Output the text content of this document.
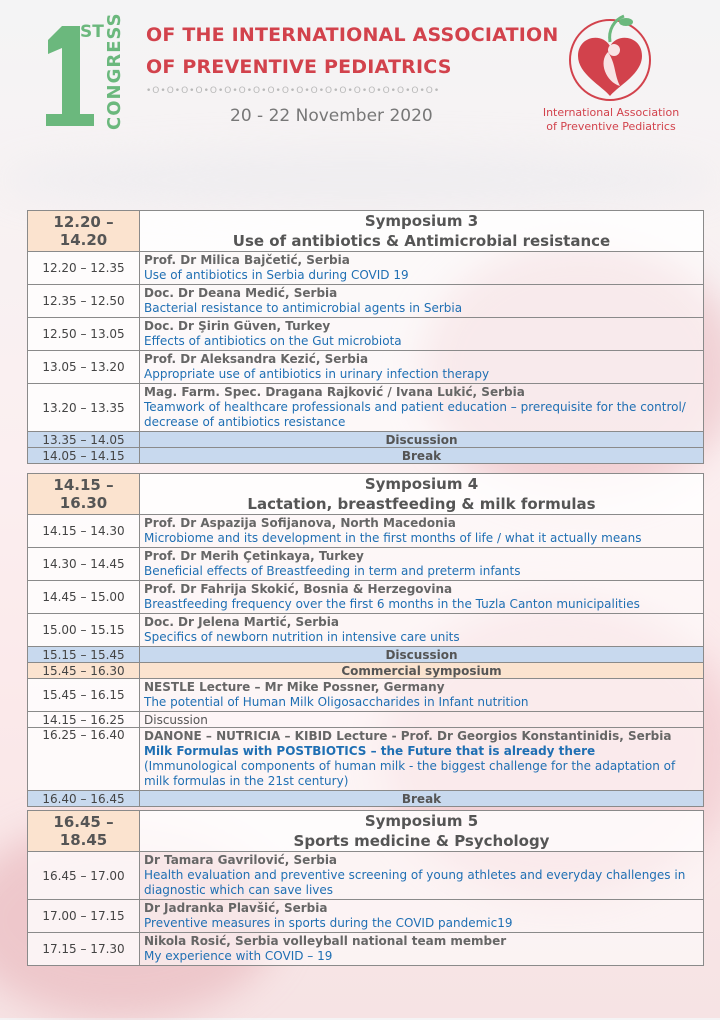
ST CONGRESS OF THE INTERNATIONAL ASSOCIATION
OF PREVENTIVE PEDIATRICS
•O•O•O•O•O•O•O•O•O•O•O•O•O•O•O•O•O•O•O•O•
20 - 22 November 2020	International Association of Preventive Pediatrics
12.20 – 14.20	Symposium 3
Use of antibiotics & Antimicrobial resistance

12.20 – 12.35	Prof. Dr Milica Bajčetić, Serbia
Use of antibiotics in Serbia during COVID 19

12.35 – 12.50	Doc. Dr Deana Medić, Serbia
Bacterial resistance to antimicrobial agents in Serbia

12.50 – 13.05	Doc. Dr Şirin Güven, Turkey
Effects of antibiotics on the Gut microbiota

13.05 – 13.20	Prof. Dr Aleksandra Kezić, Serbia
Appropriate use of antibiotics in urinary infection therapy

13.20 – 13.35	Mag. Farm. Spec. Dragana Rajković / Ivana Lukić, Serbia
Teamwork of healthcare professionals and patient education – prerequisite for the control/ decrease of antibiotics resistance

13.35 – 14.05	Discussion
14.05 – 14.15	Break
14.15 – 16.30	Symposium 4
Lactation, breastfeeding & milk formulas

14.15 – 14.30	Prof. Dr Aspazija Sofijanova, North Macedonia
Microbiome and its development in the first months of life / what it actually means

14.30 – 14.45	Prof. Dr Merih Çetinkaya, Turkey
Beneficial effects of Breastfeeding in term and preterm infants

14.45 – 15.00	Prof. Dr Fahrija Skokić, Bosnia & Herzegovina
Breastfeeding frequency over the first 6 months in the Tuzla Canton municipalities

15.00 – 15.15	Doc. Dr Jelena Martić, Serbia
Specifics of newborn nutrition in intensive care units

15.15 – 15.45	Discussion
15.45 – 16.30	Commercial symposium
15.45 – 16.15	NESTLE Lecture – Mr Mike Possner, Germany
The potential of Human Milk Oligosaccharides in Infant nutrition

14.15 – 16.25	Discussion
16.25 – 16.40	DANONE – NUTRICIA – KIBID Lecture - Prof. Dr Georgios Konstantinidis, Serbia
Milk Formulas with POSTBIOTICS – the Future that is already there
(Immunological components of human milk - the biggest challenge for the adaptation of milk formulas in the 21st century)

16.40 – 16.45	Break
16.45 – 18.45	Symposium 5
Sports medicine & Psychology

16.45 – 17.00	Dr Tamara Gavrilović, Serbia
Health evaluation and preventive screening of young athletes and everyday challenges in diagnostic which can save lives

17.00 – 17.15	Dr Jadranka Plavšić, Serbia
Preventive measures in sports during the COVID pandemic19

17.15 – 17.30	Nikola Rosić, Serbia volleyball national team member
My experience with COVID – 19
